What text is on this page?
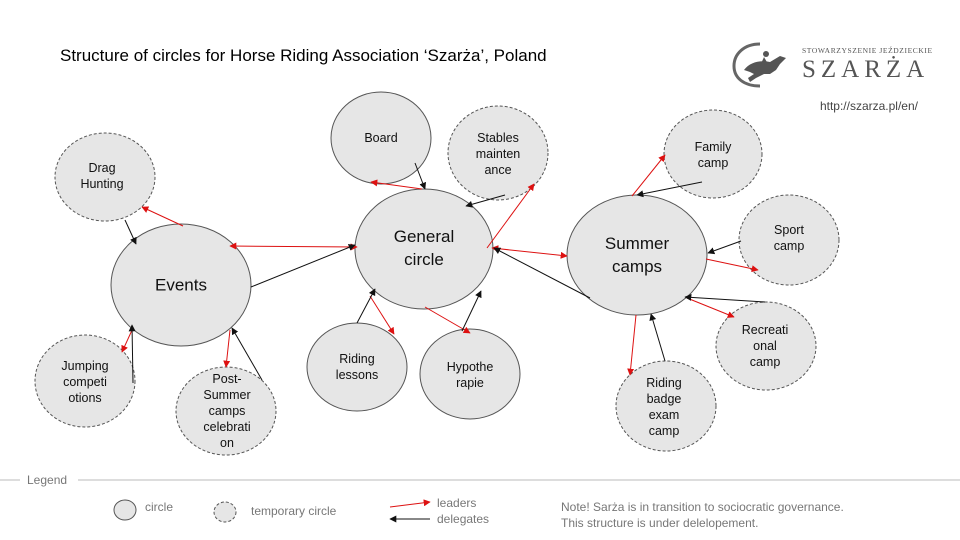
Structure of circles for Horse Riding Association ‘Szarża’, Poland	STOWARZYSZENIE JEŹDZIECKIE
SZARŻA
http://szarza.pl/en/
General
circle
Events
Summer
camps
Board	Stables
mainten
ance
Drag
Hunting
Jumping
competi
otions
Post-
Summer
camps
celebrati
on
Riding
lessons
Hypothe
rapie
Family
camp
Sport
camp
Recreati
onal
camp
Riding
badge
exam
camp
Legend
circle	temporary circle
leaders
delegates
Note! Sarża is in transition to sociocratic governance.
This structure is under delelopement.
